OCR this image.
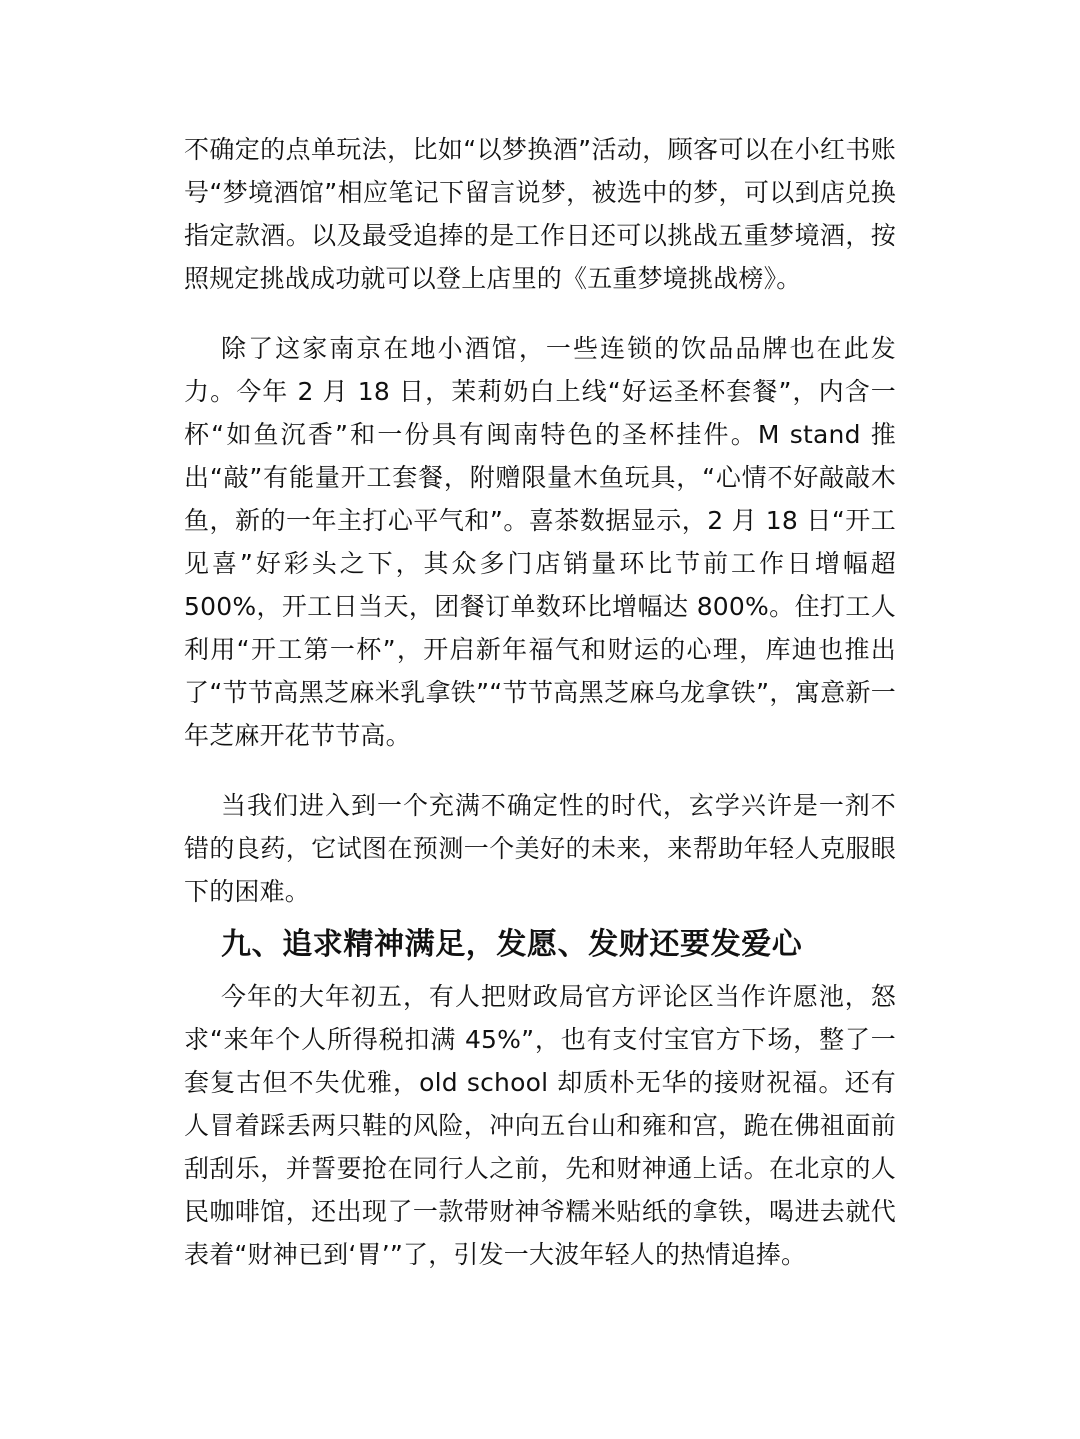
不确定的点单玩法，比如“以梦换酒”活动，顾客可以在小红书账号“梦境酒馆”相应笔记下留言说梦，被选中的梦，可以到店兑换指定款酒。以及最受追捧的是工作日还可以挑战五重梦境酒，按照规定挑战成功就可以登上店里的《五重梦境挑战榜》。

除了这家南京在地小酒馆，一些连锁的饮品品牌也在此发力。今年 2 月 18 日，茉莉奶白上线“好运圣杯套餐”，内含一杯“如鱼沉香”和一份具有闽南特色的圣杯挂件。M stand 推出“敲”有能量开工套餐，附赠限量木鱼玩具，“心情不好敲敲木鱼，新的一年主打心平气和”。喜茶数据显示，2 月 18 日“开工见喜”好彩头之下，其众多门店销量环比节前工作日增幅超 500%，开工日当天，团餐订单数环比增幅达 800%。住打工人利用“开工第一杯”，开启新年福气和财运的心理，库迪也推出了“节节高黑芝麻米乳拿铁”“节节高黑芝麻乌龙拿铁”，寓意新一年芝麻开花节节高。

当我们进入到一个充满不确定性的时代，玄学兴许是一剂不错的良药，它试图在预测一个美好的未来，来帮助年轻人克服眼下的困难。

九、追求精神满足，发愿、发财还要发爱心

今年的大年初五，有人把财政局官方评论区当作许愿池，怒求“来年个人所得税扣满 45%”，也有支付宝官方下场，整了一套复古但不失优雅，old school 却质朴无华的接财祝福。还有人冒着踩丢两只鞋的风险，冲向五台山和雍和宫，跪在佛祖面前刮刮乐，并誓要抢在同行人之前，先和财神通上话。在北京的人民咖啡馆，还出现了一款带财神爷糯米贴纸的拿铁，喝进去就代表着“财神已到‘胃’”了，引发一大波年轻人的热情追捧。
